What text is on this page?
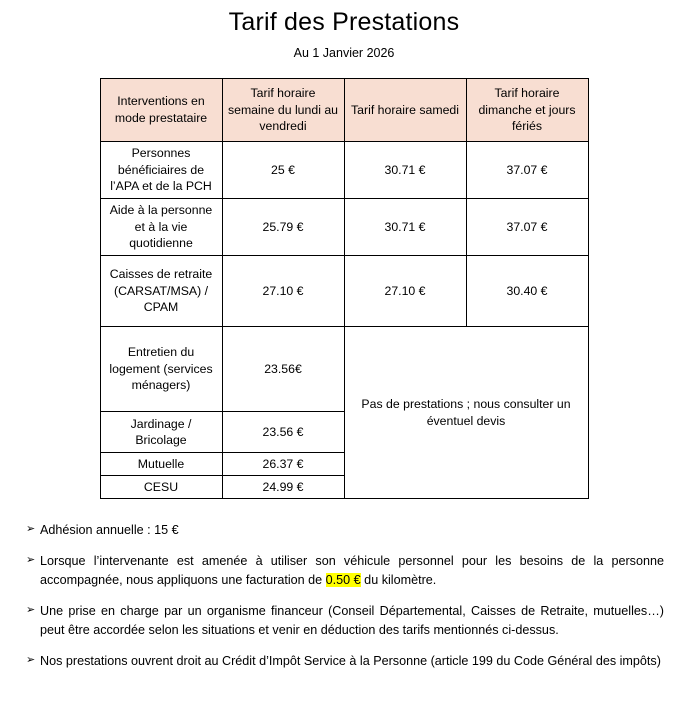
Tarif des Prestations
Au 1 Janvier 2026
Interventions en mode prestataire	Tarif horaire semaine du lundi au vendredi	Tarif horaire samedi	Tarif horaire dimanche et jours fériés
Personnes bénéficiaires de l’APA et de la PCH	25 €	30.71 €	37.07 €
Aide à la personne et à la vie quotidienne	25.79 €	30.71 €	37.07 €
Caisses de retraite (CARSAT/MSA) / CPAM	27.10 €	27.10 €	30.40 €
Entretien du logement (services ménagers)	23.56€	Pas de prestations ; nous consulter un éventuel devis	
Jardinage / Bricolage	23.56 €		
Mutuelle	26.37 €		
CESU	24.99 €		
➢ Adhésion annuelle : 15 €
➢ Lorsque l’intervenante est amenée à utiliser son véhicule personnel pour les besoins de la personne accompagnée, nous appliquons une facturation de 0.50 € du kilomètre.
➢ Une prise en charge par un organisme financeur (Conseil Départemental, Caisses de Retraite, mutuelles…) peut être accordée selon les situations et venir en déduction des tarifs mentionnés ci-dessus.
➢ Nos prestations ouvrent droit au Crédit d’Impôt Service à la Personne (article 199 du Code Général des impôts)
